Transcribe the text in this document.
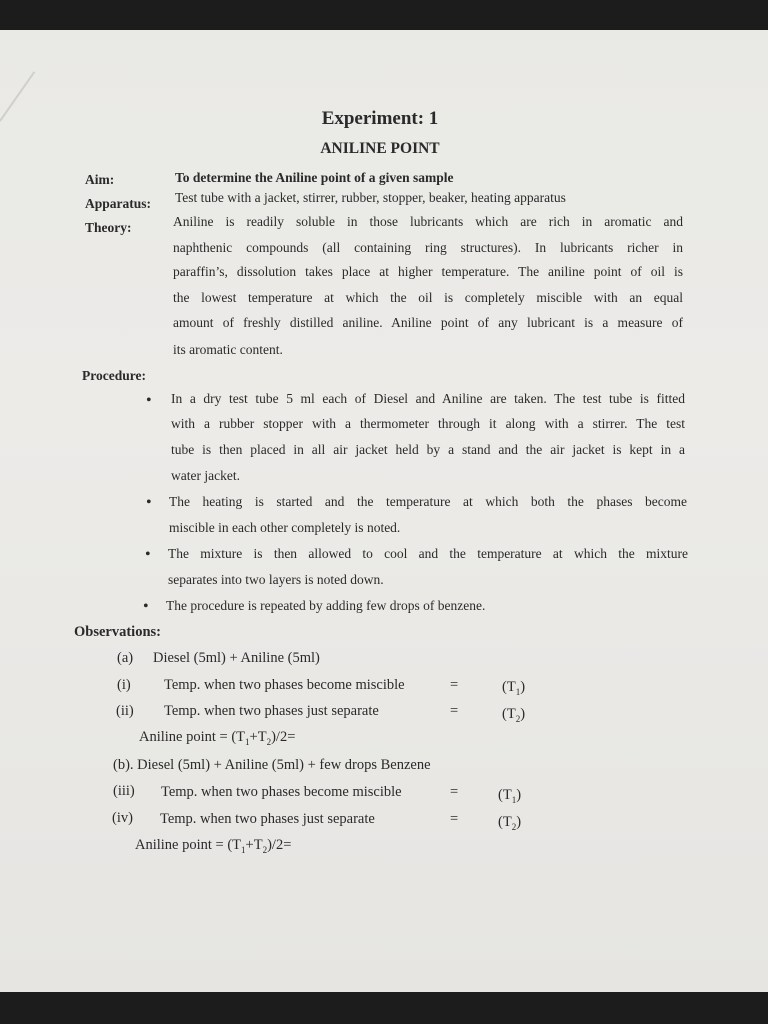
Experiment: 1
ANILINE POINT
Aim:	To determine the Aniline point of a given sample
Apparatus: Test tube with a jacket, stirrer, rubber, stopper, beaker, heating apparatus
Theory:	Aniline is readily soluble in those lubricants which are rich in aromatic and
naphthenic compounds (all containing ring structures). In lubricants richer in
paraffin’s, dissolution takes place at higher temperature. The aniline point of oil is
the lowest temperature at which the oil is completely miscible with an equal
amount of freshly distilled aniline. Aniline point of any lubricant is a measure of
its aromatic content.
Procedure:
• In a dry test tube 5 ml each of Diesel and Aniline are taken. The test tube is fitted
with a rubber stopper with a thermometer through it along with a stirrer. The test
tube is then placed in all air jacket held by a stand and the air jacket is kept in a
water jacket.
• The heating is started and the temperature at which both the phases become
miscible in each other completely is noted.
• The mixture is then allowed to cool and the temperature at which the mixture
separates into two layers is noted down.
• The procedure is repeated by adding few drops of benzene.
Observations:
(a) Diesel (5ml) + Aniline (5ml)
(i) Temp. when two phases become miscible	=	$(T_1)$
(ii) Temp. when two phases just separate	=	$(T_2)$
Aniline point = $(T_1+T_2)/2=$
(b). Diesel (5ml) + Aniline (5ml) + few drops Benzene
(iii) Temp. when two phases become miscible	=	$(T_1)$
(iv) Temp. when two phases just separate	=	$(T_2)$
Aniline point = $(T_1+T_2)/2=$
